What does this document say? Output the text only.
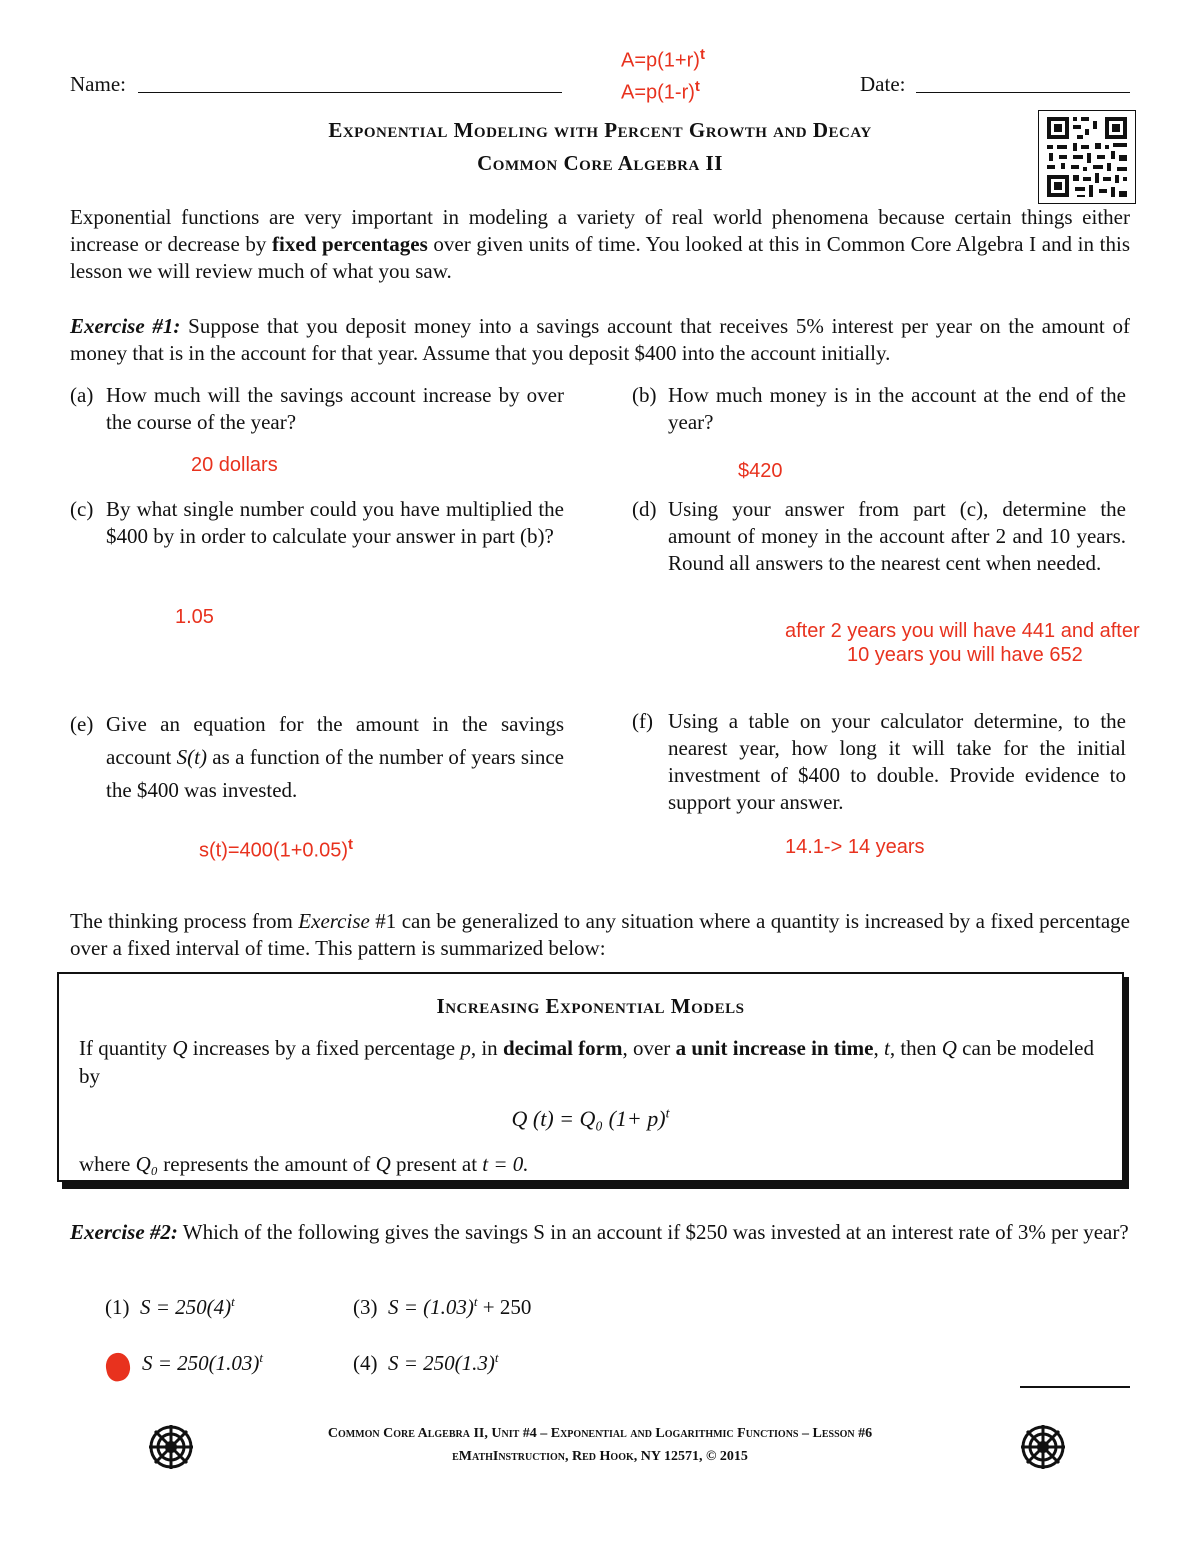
Name:	Date:
$A=p(1+r)^t$
$A=p(1-r)^t$
Exponential Modeling with Percent Growth and Decay
Common Core Algebra II
Exponential functions are very important in modeling a variety of real world phenomena because certain things either increase or decrease by fixed percentages over given units of time. You looked at this in Common Core Algebra I and in this lesson we will review much of what you saw.
Exercise #1: Suppose that you deposit money into a savings account that receives 5% interest per year on the amount of money that is in the account for that year. Assume that you deposit $400 into the account initially.
(a) How much will the savings account increase by over the course of the year?
(b) How much money is in the account at the end of the year?
20 dollars	$420
(c) By what single number could you have multiplied the $400 by in order to calculate your answer in part (b)?
(d) Using your answer from part (c), determine the amount of money in the account after 2 and 10 years. Round all answers to the nearest cent when needed.
1.05
after 2 years you will have 441 and after
10 years you will have 652
(e) Give an equation for the amount in the savings account S(t) as a function of the number of years since the $400 was invested.
(f) Using a table on your calculator determine, to the nearest year, how long it will take for the initial investment of $400 to double. Provide evidence to support your answer.
$s(t)=400(1+0.05)^t$	14.1-> 14 years
The thinking process from Exercise #1 can be generalized to any situation where a quantity is increased by a fixed percentage over a fixed interval of time. This pattern is summarized below:
Increasing Exponential Models
If quantity Q increases by a fixed percentage p, in decimal form, over a unit increase in time, t, then Q can be modeled by
Q (t) = Q₀ $(1+ p)^t$
where Q₀ represents the amount of Q present at t = 0.
Exercise #2: Which of the following gives the savings S in an account if $250 was invested at an interest rate of 3% per year?
(1) $S = 250(4)^t$	(3) $S = (1.03)^t + 250$
$S = 250(1.03)^t$	(4) $S = 250(1.3)^t$
Common Core Algebra II, Unit #4 – Exponential and Logarithmic Functions – Lesson #6
eMathInstruction, Red Hook, NY 12571, © 2015
